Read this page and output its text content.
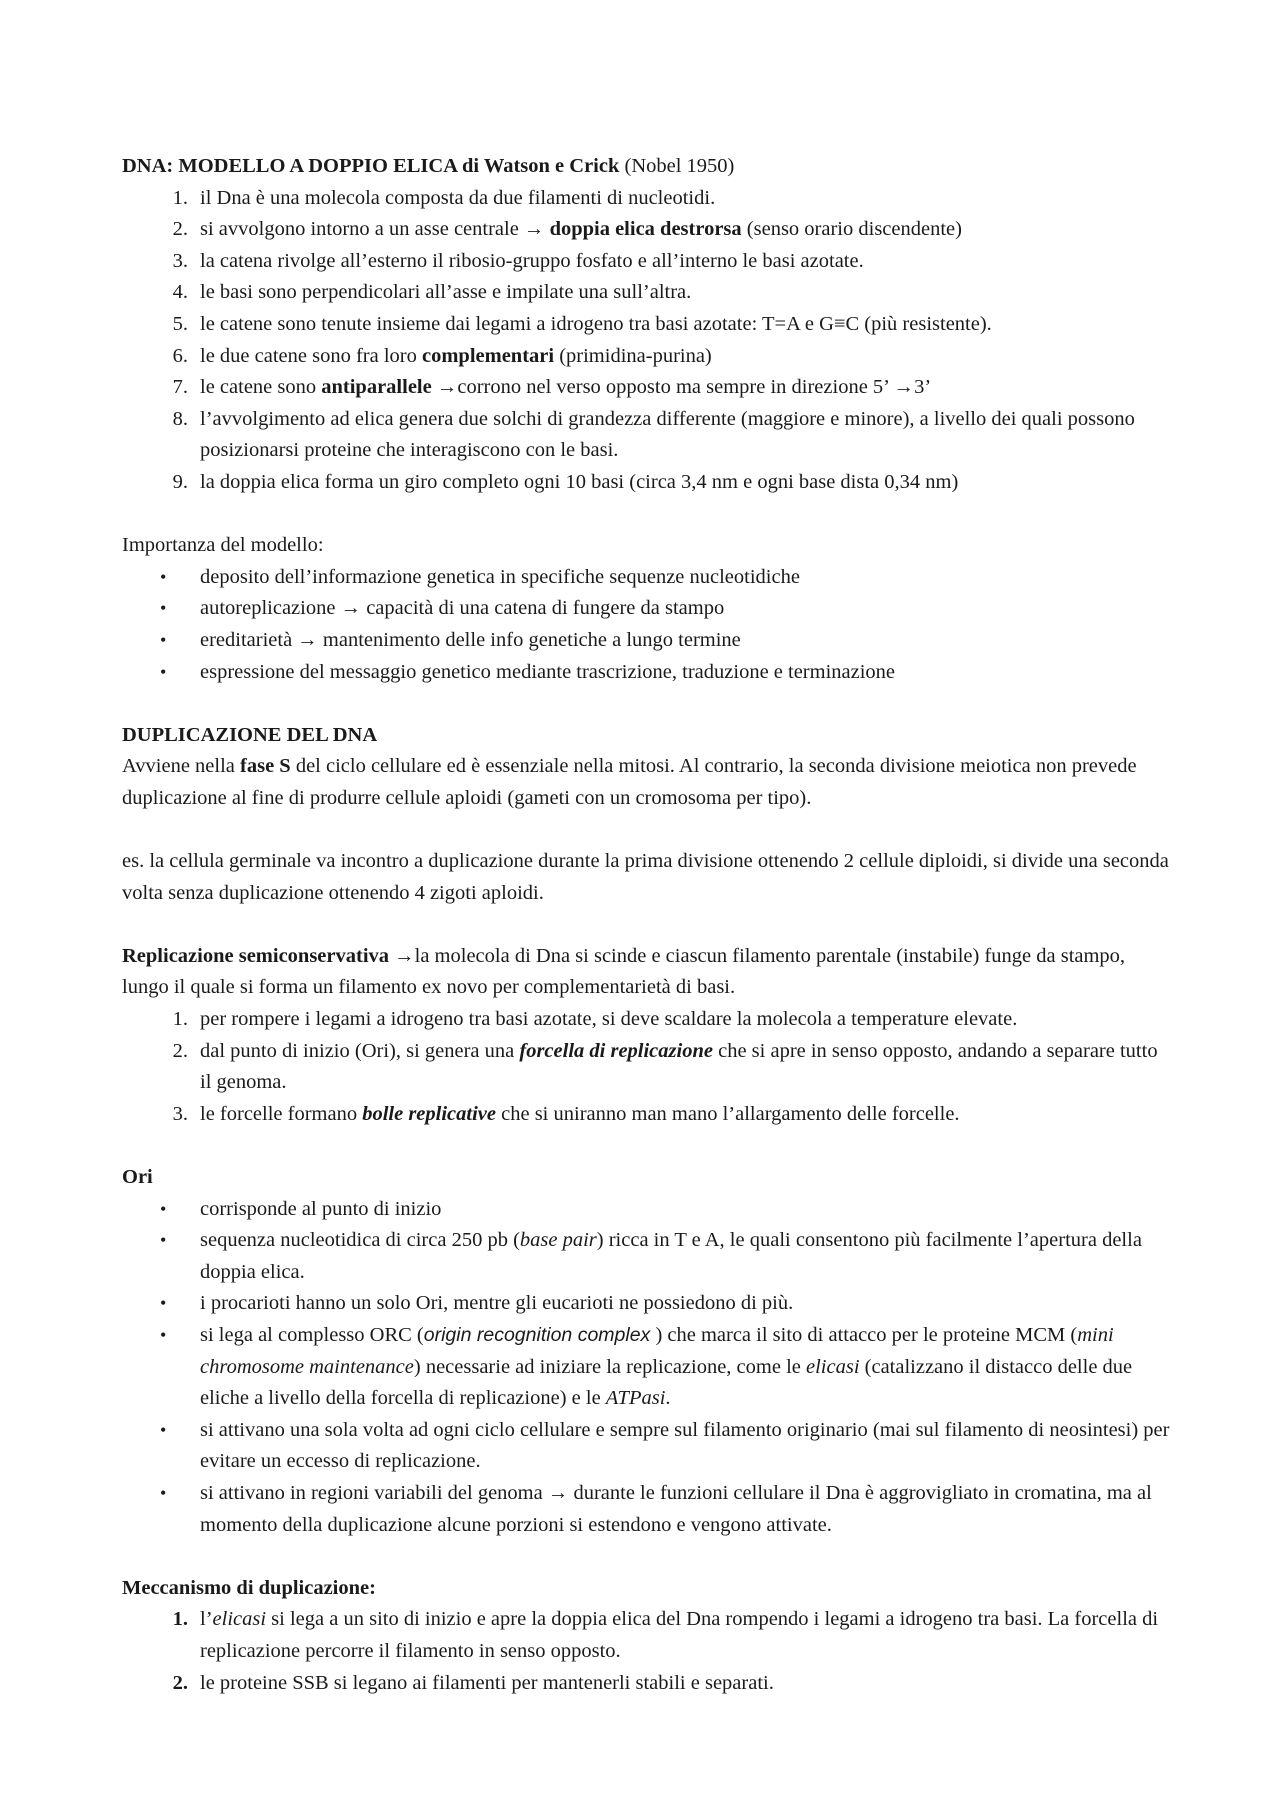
DNA: MODELLO A DOPPIO ELICA di Watson e Crick (Nobel 1950)

1. il Dna è una molecola composta da due filamenti di nucleotidi.
2. si avvolgono intorno a un asse centrale → doppia elica destrorsa (senso orario discendente)
3. la catena rivolge all’esterno il ribosio-gruppo fosfato e all’interno le basi azotate.
4. le basi sono perpendicolari all’asse e impilate una sull’altra.
5. le catene sono tenute insieme dai legami a idrogeno tra basi azotate: T=A e G≡C (più resistente).
6. le due catene sono fra loro complementari (primidina-purina)
7. le catene sono antiparallele →corrono nel verso opposto ma sempre in direzione 5’ →3’
8. l’avvolgimento ad elica genera due solchi di grandezza differente (maggiore e minore), a livello dei quali possono posizionarsi proteine che interagiscono con le basi.
9. la doppia elica forma un giro completo ogni 10 basi (circa 3,4 nm e ogni base dista 0,34 nm)

Importanza del modello:

•	deposito dell’informazione genetica in specifiche sequenze nucleotidiche
•	autoreplicazione → capacità di una catena di fungere da stampo
•	ereditarietà → mantenimento delle info genetiche a lungo termine
•	espressione del messaggio genetico mediante trascrizione, traduzione e terminazione

DUPLICAZIONE DEL DNA

Avviene nella fase S del ciclo cellulare ed è essenziale nella mitosi. Al contrario, la seconda divisione meiotica non prevede duplicazione al fine di produrre cellule aploidi (gameti con un cromosoma per tipo).

es. la cellula germinale va incontro a duplicazione durante la prima divisione ottenendo 2 cellule diploidi, si divide una seconda volta senza duplicazione ottenendo 4 zigoti aploidi.

Replicazione semiconservativa →la molecola di Dna si scinde e ciascun filamento parentale (instabile) funge da stampo, lungo il quale si forma un filamento ex novo per complementarietà di basi.

1. per rompere i legami a idrogeno tra basi azotate, si deve scaldare la molecola a temperature elevate.
2. dal punto di inizio (Ori), si genera una forcella di replicazione che si apre in senso opposto, andando a separare tutto il genoma.
3. le forcelle formano bolle replicative che si uniranno man mano l’allargamento delle forcelle.

Ori

•	corrisponde al punto di inizio
•	sequenza nucleotidica di circa 250 pb (base pair) ricca in T e A, le quali consentono più facilmente l’apertura della doppia elica.
•	i procarioti hanno un solo Ori, mentre gli eucarioti ne possiedono di più.
•	si lega al complesso ORC (origin recognition complex ) che marca il sito di attacco per le proteine MCM (mini chromosome maintenance) necessarie ad iniziare la replicazione, come le elicasi (catalizzano il distacco delle due eliche a livello della forcella di replicazione) e le ATPasi.
•	si attivano una sola volta ad ogni ciclo cellulare e sempre sul filamento originario (mai sul filamento di neosintesi) per evitare un eccesso di replicazione.
•	si attivano in regioni variabili del genoma → durante le funzioni cellulare il Dna è aggrovigliato in cromatina, ma al momento della duplicazione alcune porzioni si estendono e vengono attivate.

Meccanismo di duplicazione:

1. l’elicasi si lega a un sito di inizio e apre la doppia elica del Dna rompendo i legami a idrogeno tra basi. La forcella di replicazione percorre il filamento in senso opposto.
2. le proteine SSB si legano ai filamenti per mantenerli stabili e separati.
